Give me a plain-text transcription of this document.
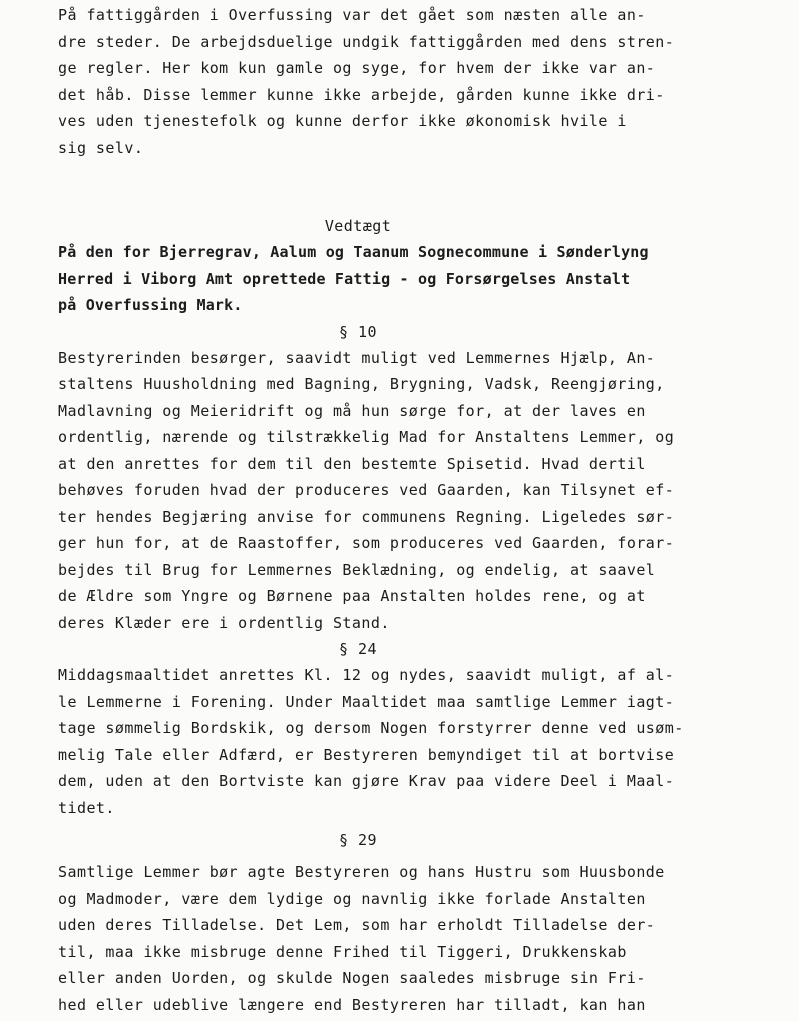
På fattiggården i Overfussing var det gået som næsten alle an-
dre steder. De arbejdsduelige undgik fattiggården med dens stren-
ge regler. Her kom kun gamle og syge, for hvem der ikke var an-
det håb. Disse lemmer kunne ikke arbejde, gården kunne ikke dri-
ves uden tjenestefolk og kunne derfor ikke økonomisk hvile i
sig selv.
Vedtægt
På den for Bjerregrav, Aalum og Taanum Sognecommune i Sønderlyng
Herred i Viborg Amt oprettede Fattig - og Forsørgelses Anstalt
på Overfussing Mark.
§ 10
Bestyrerinden besørger, saavidt muligt ved Lemmernes Hjælp, An-
staltens Huusholdning med Bagning, Brygning, Vadsk, Reengjøring,
Madlavning og Meieridrift og må hun sørge for, at der laves en
ordentlig, nærende og tilstrækkelig Mad for Anstaltens Lemmer, og
at den anrettes for dem til den bestemte Spisetid. Hvad dertil
behøves foruden hvad der produceres ved Gaarden, kan Tilsynet ef-
ter hendes Begjæring anvise for communens Regning. Ligeledes sør-
ger hun for, at de Raastoffer, som produceres ved Gaarden, forar-
bejdes til Brug for Lemmernes Beklædning, og endelig, at saavel
de Ældre som Yngre og Børnene paa Anstalten holdes rene, og at
deres Klæder ere i ordentlig Stand.
§ 24
Middagsmaaltidet anrettes Kl. 12 og nydes, saavidt muligt, af al-
le Lemmerne i Forening. Under Maaltidet maa samtlige Lemmer iagt-
tage sømmelig Bordskik, og dersom Nogen forstyrrer denne ved usøm-
melig Tale eller Adfærd, er Bestyreren bemyndiget til at bortvise
dem, uden at den Bortviste kan gjøre Krav paa videre Deel i Maal-
tidet.
§ 29
Samtlige Lemmer bør agte Bestyreren og hans Hustru som Huusbonde
og Madmoder, være dem lydige og navnlig ikke forlade Anstalten
uden deres Tilladelse. Det Lem, som har erholdt Tilladelse der-
til, maa ikke misbruge denne Frihed til Tiggeri, Drukkenskab
eller anden Uorden, og skulde Nogen saaledes misbruge sin Fri-
hed eller udeblive længere end Bestyreren har tilladt, kan han
